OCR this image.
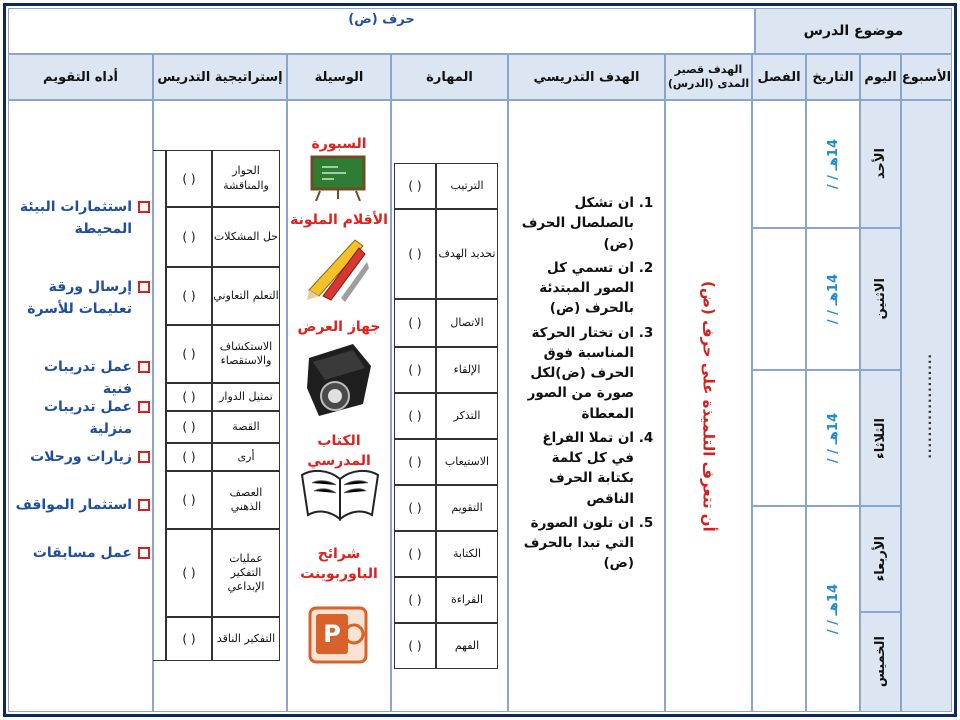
موضوع الدرس
حرف (ض)
الأسبوع
اليوم
التاريخ
الفصل
الهدف قصير المدى (الدرس)
الهدف التدريسي
المهارة
الوسيلة
إستراتيجية التدريس
أداه التقويم
...................
الأحد
الاثنين
الثلاثاء
الأربعاء
الخميس
14هـ / /
14هـ / /
14هـ / /
14هـ / /
أن تتعرف التلميذة على حرف (ض)
1. ان تشكل بالصلصال الحرف (ض)
2. ان تسمي كل الصور المبتدئة بالحرف (ض)
3. ان تختار الحركة المناسبة فوق الحرف (ض)لكل صورة من الصور المعطاة
4. ان تملا الفراغ في كل كلمة بكتابة الحرف الناقص
5. ان تلون الصورة التي تبدا بالحرف (ض)
الترتيب
( )
تحديد الهدف
( )
الاتصال
( )
الإلقاء
( )
التذكر
( )
الاستيعاب
( )
التقويم
( )
الكتابة
( )
القراءة
( )
الفهم
( )
السبورة
الأقلام الملونة
جهاز العرض
الكتاب المدرسي
شرائح الباوربوينت
P
الحوار والمناقشة
( )
حل المشكلات
( )
التعلم التعاوني
( )
الاستكشاف والاستقصاء
( )
تمثيل الدوار
( )
القصة
( )
أرى
( )
العصف الذهني
( )
عمليات التفكير الإبداعي
( )
التفكير الناقد
( )
استثمارات البيئة المحيطة
إرسال ورقة تعليمات للأسرة
عمل تدريبات فنية
عمل تدريبات منزلية
زيارات ورحلات
استثمار المواقف
عمل مسابقات
